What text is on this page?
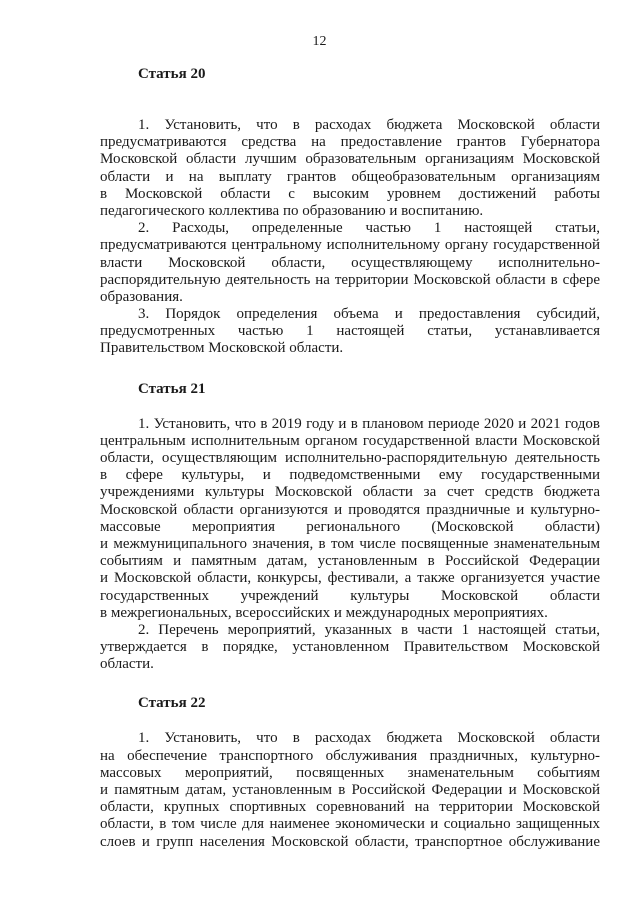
12
Статья 20
1. Установить, что в расходах бюджета Московской области
предусматриваются средства на предоставление грантов Губернатора
Московской области лучшим образовательным организациям Московской
области и на выплату грантов общеобразовательным организациям
в Московской области с высоким уровнем достижений работы
педагогического коллектива по образованию и воспитанию.
2. Расходы, определенные частью 1 настоящей статьи,
предусматриваются центральному исполнительному органу государственной
власти Московской области, осуществляющему исполнительно-
распорядительную деятельность на территории Московской области в сфере
образования.
3. Порядок определения объема и предоставления субсидий,
предусмотренных частью 1 настоящей статьи, устанавливается
Правительством Московской области.
Статья 21
1. Установить, что в 2019 году и в плановом периоде 2020 и 2021 годов
центральным исполнительным органом государственной власти Московской
области, осуществляющим исполнительно-распорядительную деятельность
в сфере культуры, и подведомственными ему государственными
учреждениями культуры Московской области за счет средств бюджета
Московской области организуются и проводятся праздничные и культурно-
массовые мероприятия регионального (Московской области)
и межмуниципального значения, в том числе посвященные знаменательным
событиям и памятным датам, установленным в Российской Федерации
и Московской области, конкурсы, фестивали, а также организуется участие
государственных учреждений культуры Московской области
в межрегиональных, всероссийских и международных мероприятиях.
2. Перечень мероприятий, указанных в части 1 настоящей статьи,
утверждается в порядке, установленном Правительством Московской
области.
Статья 22
1. Установить, что в расходах бюджета Московской области
на обеспечение транспортного обслуживания праздничных, культурно-
массовых мероприятий, посвященных знаменательным событиям
и памятным датам, установленным в Российской Федерации и Московской
области, крупных спортивных соревнований на территории Московской
области, в том числе для наименее экономически и социально защищенных
слоев и групп населения Московской области, транспортное обслуживание
